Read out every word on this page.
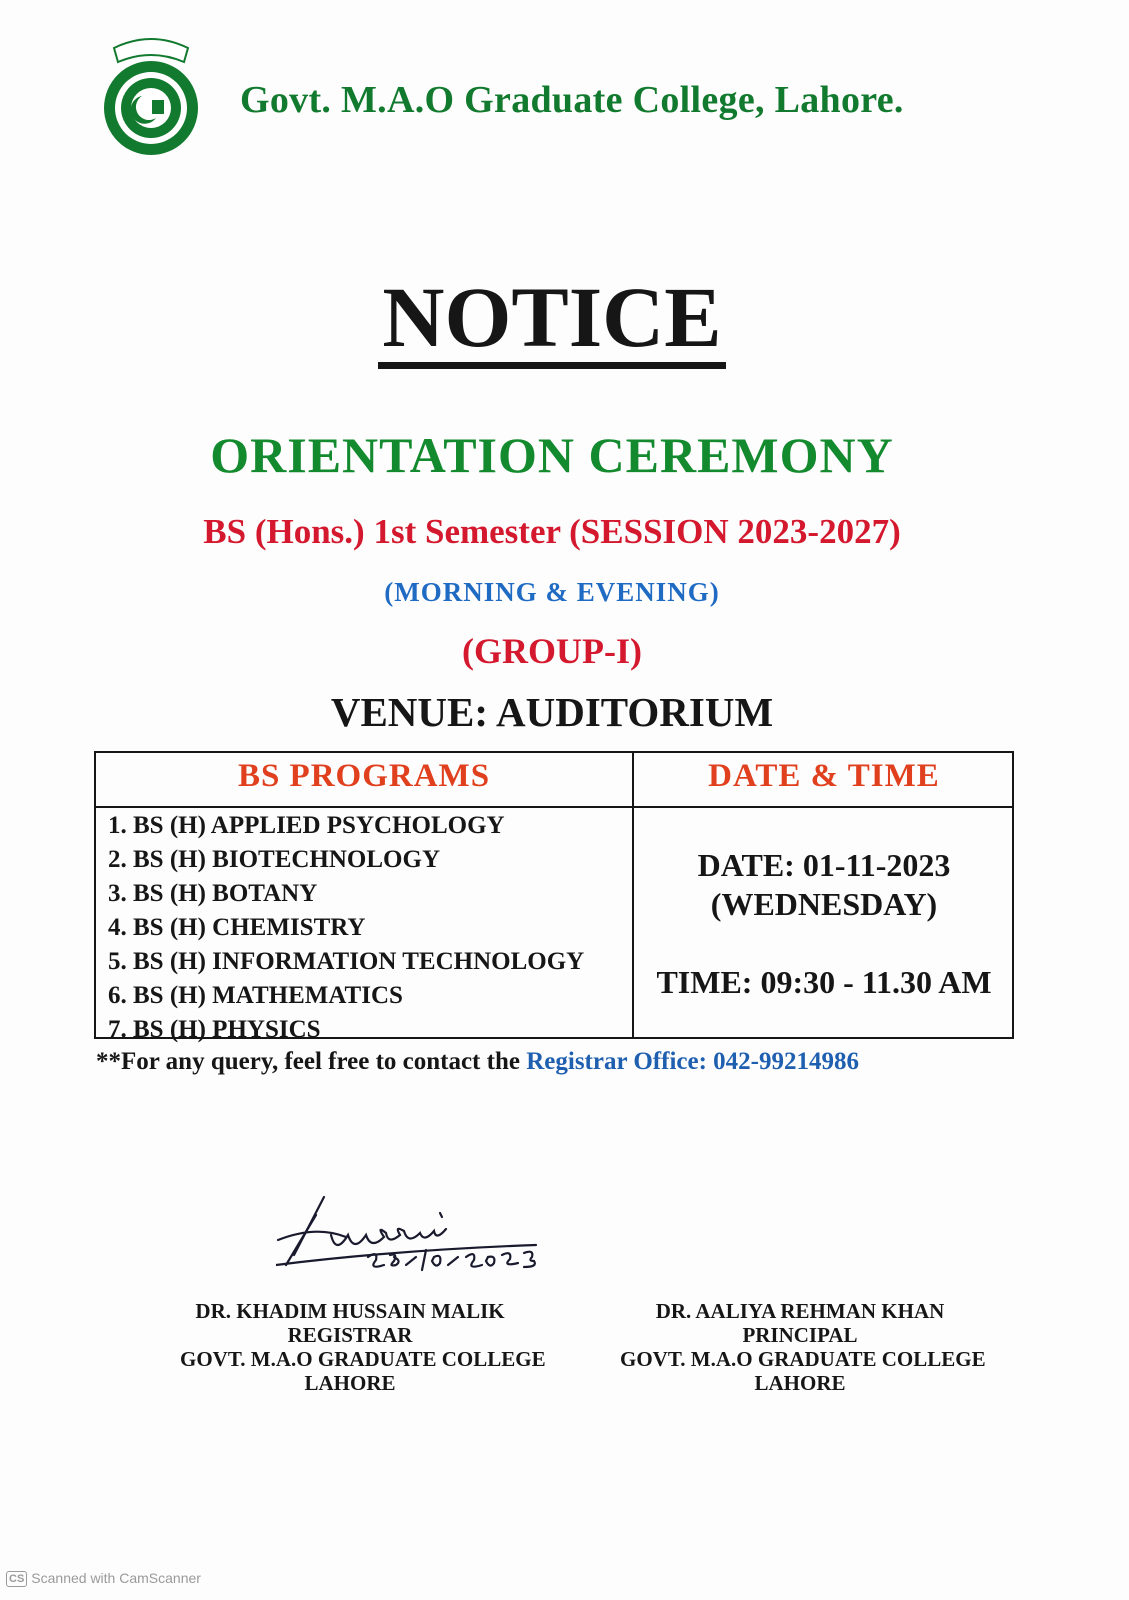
Govt. M.A.O Graduate College, Lahore.
NOTICE
ORIENTATION CEREMONY
BS (Hons.) 1st Semester (SESSION 2023-2027)
(MORNING & EVENING)
(GROUP-I)
VENUE: AUDITORIUM
BS PROGRAMS	DATE & TIME
1. BS (H) APPLIED PSYCHOLOGY
2. BS (H) BIOTECHNOLOGY
3. BS (H) BOTANY
4. BS (H) CHEMISTRY
5. BS (H) INFORMATION TECHNOLOGY
6. BS (H) MATHEMATICS
7. BS (H) PHYSICS
DATE: 01-11-2023
(WEDNESDAY)
TIME: 09:30 - 11.30 AM
**For any query, feel free to contact the Registrar Office: 042-99214986
DR. KHADIM HUSSAIN MALIK
REGISTRAR
GOVT. M.A.O GRADUATE COLLEGE
LAHORE
DR. AALIYA REHMAN KHAN
PRINCIPAL
GOVT. M.A.O GRADUATE COLLEGE
LAHORE
CS Scanned with CamScanner
